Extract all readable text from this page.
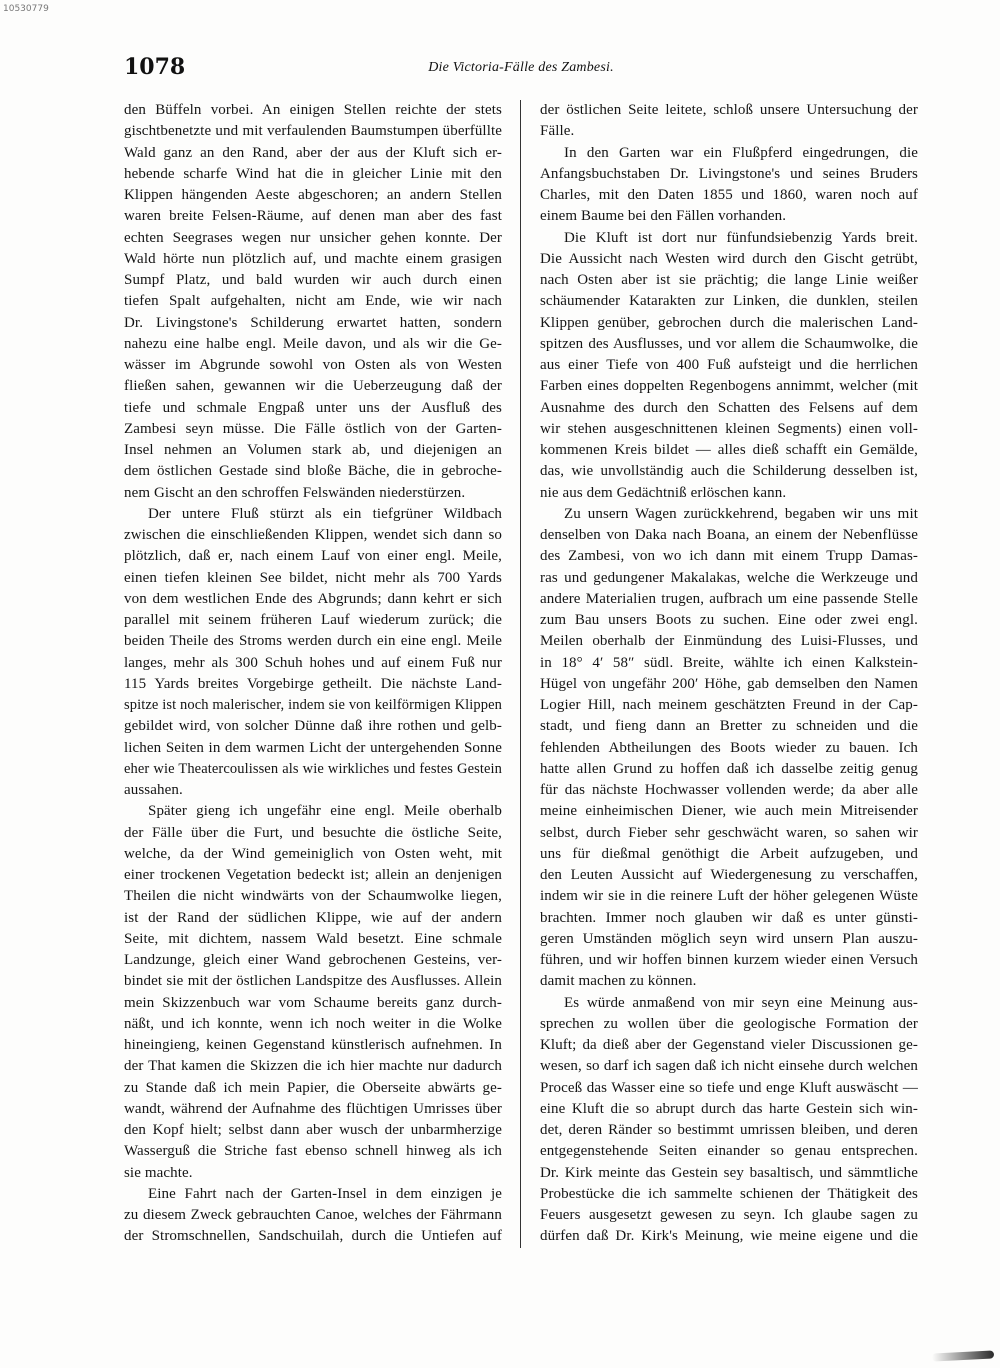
10530779
1078	Die Victoria-Fälle des Zambesi.

den Büffeln vorbei. An einigen Stellen reichte der stets

gischtbenetzte und mit verfaulenden Baumstumpen überfüllte

Wald ganz an den Rand, aber der aus der Kluft sich er-

hebende scharfe Wind hat die in gleicher Linie mit den

Klippen hängenden Aeste abgeschoren; an andern Stellen

waren breite Felsen-Räume, auf denen man aber des fast

echten Seegrases wegen nur unsicher gehen konnte. Der

Wald hörte nun plötzlich auf, und machte einem grasigen

Sumpf Platz, und bald wurden wir auch durch einen

tiefen Spalt aufgehalten, nicht am Ende, wie wir nach

Dr. Livingstone's Schilderung erwartet hatten, sondern

nahezu eine halbe engl. Meile davon, und als wir die Ge-

wässer im Abgrunde sowohl von Osten als von Westen

fließen sahen, gewannen wir die Ueberzeugung daß der

tiefe und schmale Engpaß unter uns der Ausfluß des

Zambesi seyn müsse. Die Fälle östlich von der Garten-

Insel nehmen an Volumen stark ab, und diejenigen an

dem östlichen Gestade sind bloße Bäche, die in gebroche-

nem Gischt an den schroffen Felswänden niederstürzen.

Der untere Fluß stürzt als ein tiefgrüner Wildbach

zwischen die einschließenden Klippen, wendet sich dann so

plötzlich, daß er, nach einem Lauf von einer engl. Meile,

einen tiefen kleinen See bildet, nicht mehr als 700 Yards

von dem westlichen Ende des Abgrunds; dann kehrt er sich

parallel mit seinem früheren Lauf wiederum zurück; die

beiden Theile des Stroms werden durch ein eine engl. Meile

langes, mehr als 300 Schuh hohes und auf einem Fuß nur

115 Yards breites Vorgebirge getheilt. Die nächste Land-

spitze ist noch malerischer, indem sie von keilförmigen Klippen

gebildet wird, von solcher Dünne daß ihre rothen und gelb-

lichen Seiten in dem warmen Licht der untergehenden Sonne

eher wie Theatercoulissen als wie wirkliches und festes Gestein

aussahen.

Später gieng ich ungefähr eine engl. Meile oberhalb

der Fälle über die Furt, und besuchte die östliche Seite,

welche, da der Wind gemeiniglich von Osten weht, mit

einer trockenen Vegetation bedeckt ist; allein an denjenigen

Theilen die nicht windwärts von der Schaumwolke liegen,

ist der Rand der südlichen Klippe, wie auf der andern

Seite, mit dichtem, nassem Wald besetzt. Eine schmale

Landzunge, gleich einer Wand gebrochenen Gesteins, ver-

bindet sie mit der östlichen Landspitze des Ausflusses. Allein

mein Skizzenbuch war vom Schaume bereits ganz durch-

näßt, und ich konnte, wenn ich noch weiter in die Wolke

hineingieng, keinen Gegenstand künstlerisch aufnehmen. In

der That kamen die Skizzen die ich hier machte nur dadurch

zu Stande daß ich mein Papier, die Oberseite abwärts ge-

wandt, während der Aufnahme des flüchtigen Umrisses über

den Kopf hielt; selbst dann aber wusch der unbarmherzige

Wasserguß die Striche fast ebenso schnell hinweg als ich

sie machte.

Eine Fahrt nach der Garten-Insel in dem einzigen je

zu diesem Zweck gebrauchten Canoe, welches der Fährmann

der Stromschnellen, Sandschuilah, durch die Untiefen auf

der östlichen Seite leitete, schloß unsere Untersuchung der

Fälle.

In den Garten war ein Flußpferd eingedrungen, die

Anfangsbuchstaben Dr. Livingstone's und seines Bruders

Charles, mit den Daten 1855 und 1860, waren noch auf

einem Baume bei den Fällen vorhanden.

Die Kluft ist dort nur fünfundsiebenzig Yards breit.

Die Aussicht nach Westen wird durch den Gischt getrübt,

nach Osten aber ist sie prächtig; die lange Linie weißer

schäumender Katarakten zur Linken, die dunklen, steilen

Klippen genüber, gebrochen durch die malerischen Land-

spitzen des Ausflusses, und vor allem die Schaumwolke, die

aus einer Tiefe von 400 Fuß aufsteigt und die herrlichen

Farben eines doppelten Regenbogens annimmt, welcher (mit

Ausnahme des durch den Schatten des Felsens auf dem

wir stehen ausgeschnittenen kleinen Segments) einen voll-

kommenen Kreis bildet — alles dieß schafft ein Gemälde,

das, wie unvollständig auch die Schilderung desselben ist,

nie aus dem Gedächtniß erlöschen kann.

Zu unsern Wagen zurückkehrend, begaben wir uns mit

denselben von Daka nach Boana, an einem der Nebenflüsse

des Zambesi, von wo ich dann mit einem Trupp Damas-

ras und gedungener Makalakas, welche die Werkzeuge und

andere Materialien trugen, aufbrach um eine passende Stelle

zum Bau unsers Boots zu suchen. Eine oder zwei engl.

Meilen oberhalb der Einmündung des Luisi-Flusses, und

in 18° 4′ 58″ südl. Breite, wählte ich einen Kalkstein-

Hügel von ungefähr 200′ Höhe, gab demselben den Namen

Logier Hill, nach meinem geschätzten Freund in der Cap-

stadt, und fieng dann an Bretter zu schneiden und die

fehlenden Abtheilungen des Boots wieder zu bauen. Ich

hatte allen Grund zu hoffen daß ich dasselbe zeitig genug

für das nächste Hochwasser vollenden werde; da aber alle

meine einheimischen Diener, wie auch mein Mitreisender

selbst, durch Fieber sehr geschwächt waren, so sahen wir

uns für dießmal genöthigt die Arbeit aufzugeben, und

den Leuten Aussicht auf Wiedergenesung zu verschaffen,

indem wir sie in die reinere Luft der höher gelegenen Wüste

brachten. Immer noch glauben wir daß es unter günsti-

geren Umständen möglich seyn wird unsern Plan auszu-

führen, und wir hoffen binnen kurzem wieder einen Versuch

damit machen zu können.

Es würde anmaßend von mir seyn eine Meinung aus-

sprechen zu wollen über die geologische Formation der

Kluft; da dieß aber der Gegenstand vieler Discussionen ge-

wesen, so darf ich sagen daß ich nicht einsehe durch welchen

Proceß das Wasser eine so tiefe und enge Kluft auswäscht —

eine Kluft die so abrupt durch das harte Gestein sich win-

det, deren Ränder so bestimmt umrissen bleiben, und deren

entgegenstehende Seiten einander so genau entsprechen.

Dr. Kirk meinte das Gestein sey basaltisch, und sämmtliche

Probestücke die ich sammelte schienen der Thätigkeit des

Feuers ausgesetzt gewesen zu seyn. Ich glaube sagen zu

dürfen daß Dr. Kirk's Meinung, wie meine eigene und die
